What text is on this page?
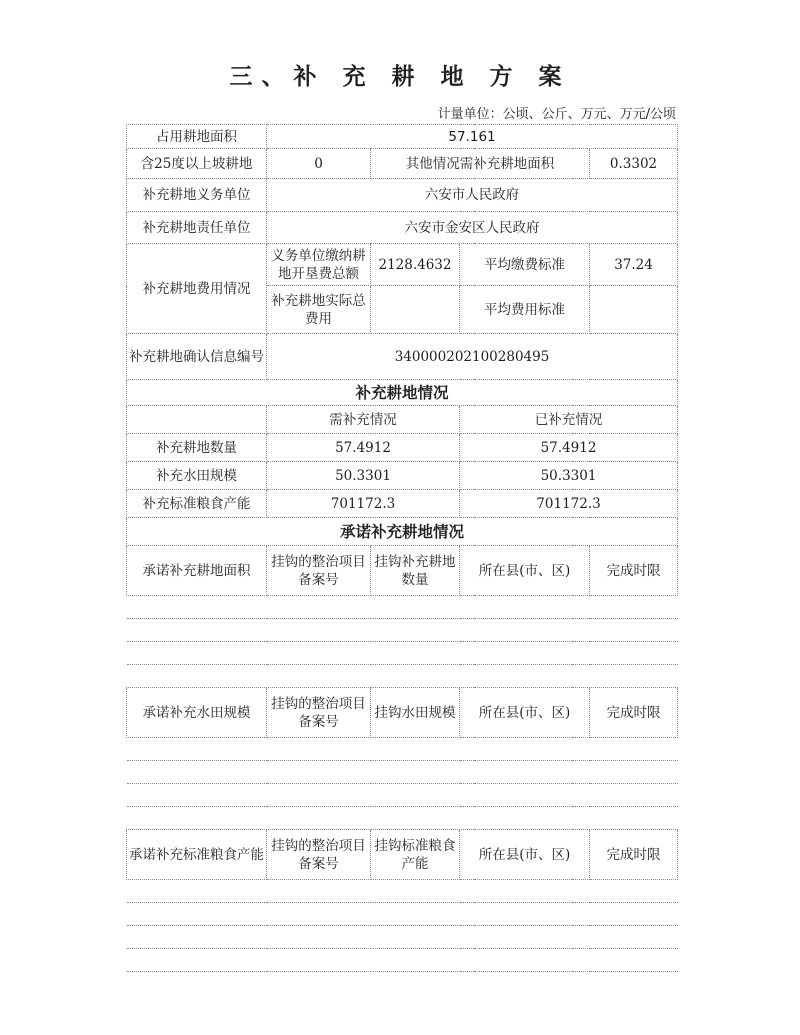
三、补 充 耕 地 方 案
计量单位：公顷、公斤、万元、万元/公顷
占用耕地面积	57.161			
含25度以上坡耕地	0	其他情况需补充耕地面积		0.3302
补充耕地义务单位	六安市人民政府			
补充耕地责任单位	六安市金安区人民政府			
补充耕地费用情况	义务单位缴纳耕地开垦费总额	2128.4632	平均缴费标准	37.24
	补充耕地实际总费用		平均费用标准	
补充耕地确认信息编号	340000202100280495			
补充耕地情况				
	需补充情况		已补充情况	
补充耕地数量	57.4912		57.4912	
补充水田规模	50.3301		50.3301	
补充标准粮食产能	701172.3		701172.3	
承诺补充耕地情况				
承诺补充耕地面积	挂钩的整治项目备案号	挂钩补充耕地数量	所在县(市、区)	完成时限

承诺补充水田规模	挂钩的整治项目备案号	挂钩水田规模	所在县(市、区)	完成时限

承诺补充标准粮食产能	挂钩的整治项目备案号	挂钩标准粮食产能	所在县(市、区)	完成时限
